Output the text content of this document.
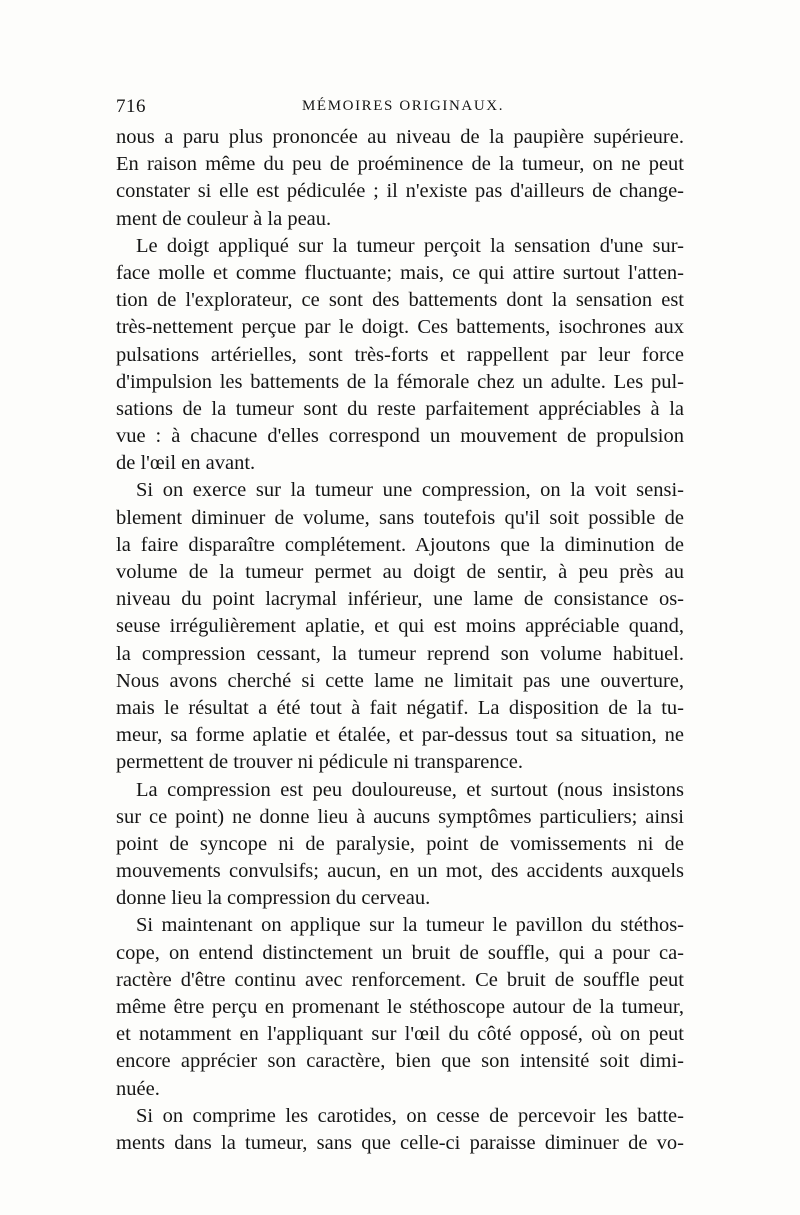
716	MÉMOIRES ORIGINAUX.
nous a paru plus prononcée au niveau de la paupière supérieure.
En raison même du peu de proéminence de la tumeur, on ne peut
constater si elle est pédiculée ; il n'existe pas d'ailleurs de change-
ment de couleur à la peau.
Le doigt appliqué sur la tumeur perçoit la sensation d'une sur-
face molle et comme fluctuante; mais, ce qui attire surtout l'atten-
tion de l'explorateur, ce sont des battements dont la sensation est
très-nettement perçue par le doigt. Ces battements, isochrones aux
pulsations artérielles, sont très-forts et rappellent par leur force
d'impulsion les battements de la fémorale chez un adulte. Les pul-
sations de la tumeur sont du reste parfaitement appréciables à la
vue : à chacune d'elles correspond un mouvement de propulsion
de l'œil en avant.
Si on exerce sur la tumeur une compression, on la voit sensi-
blement diminuer de volume, sans toutefois qu'il soit possible de
la faire disparaître complétement. Ajoutons que la diminution de
volume de la tumeur permet au doigt de sentir, à peu près au
niveau du point lacrymal inférieur, une lame de consistance os-
seuse irrégulièrement aplatie, et qui est moins appréciable quand,
la compression cessant, la tumeur reprend son volume habituel.
Nous avons cherché si cette lame ne limitait pas une ouverture,
mais le résultat a été tout à fait négatif. La disposition de la tu-
meur, sa forme aplatie et étalée, et par-dessus tout sa situation, ne
permettent de trouver ni pédicule ni transparence.
La compression est peu douloureuse, et surtout (nous insistons
sur ce point) ne donne lieu à aucuns symptômes particuliers; ainsi
point de syncope ni de paralysie, point de vomissements ni de
mouvements convulsifs; aucun, en un mot, des accidents auxquels
donne lieu la compression du cerveau.
Si maintenant on applique sur la tumeur le pavillon du stéthos-
cope, on entend distinctement un bruit de souffle, qui a pour ca-
ractère d'être continu avec renforcement. Ce bruit de souffle peut
même être perçu en promenant le stéthoscope autour de la tumeur,
et notamment en l'appliquant sur l'œil du côté opposé, où on peut
encore apprécier son caractère, bien que son intensité soit dimi-
nuée.
Si on comprime les carotides, on cesse de percevoir les batte-
ments dans la tumeur, sans que celle-ci paraisse diminuer de vo-
